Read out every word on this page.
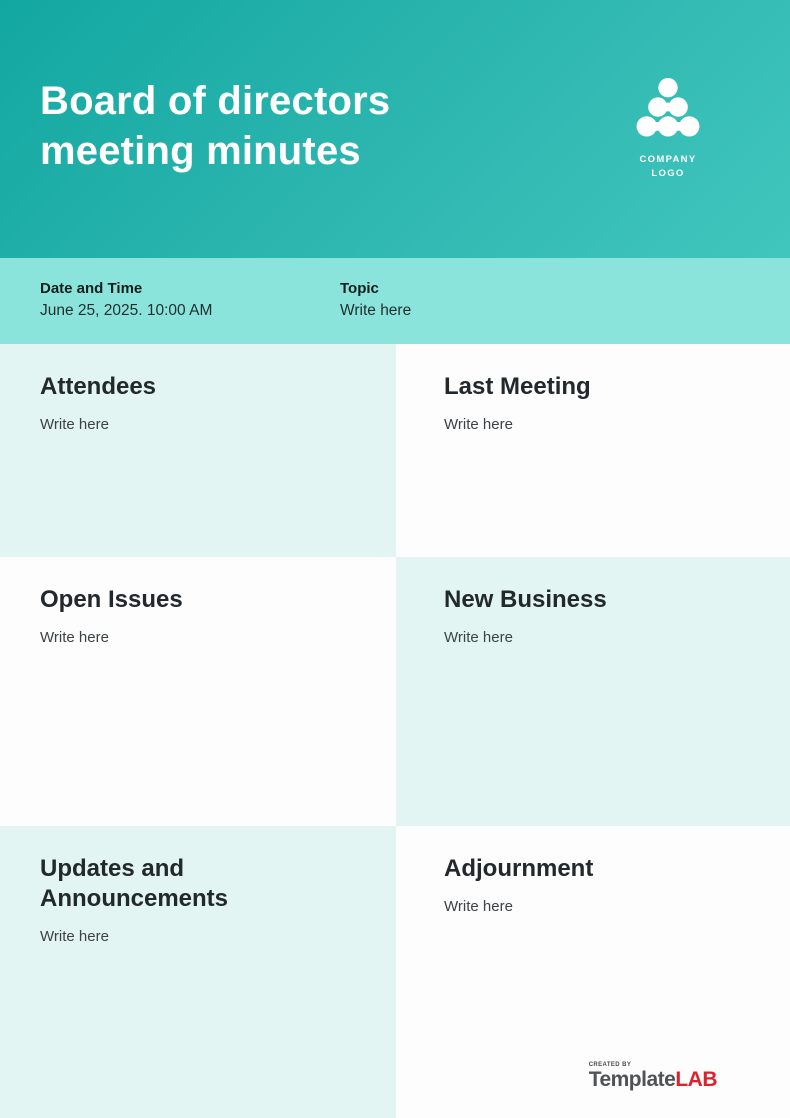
Board of directors
meeting minutes	COMPANY
LOGO
Date and Time
June 25, 2025. 10:00 AM
Topic
Write here
Attendees
Write here
Last Meeting
Write here
Open Issues
Write here
New Business
Write here
Updates and Announcements
Write here
Adjournment
Write here
CREATED BY
TemplateLAB
